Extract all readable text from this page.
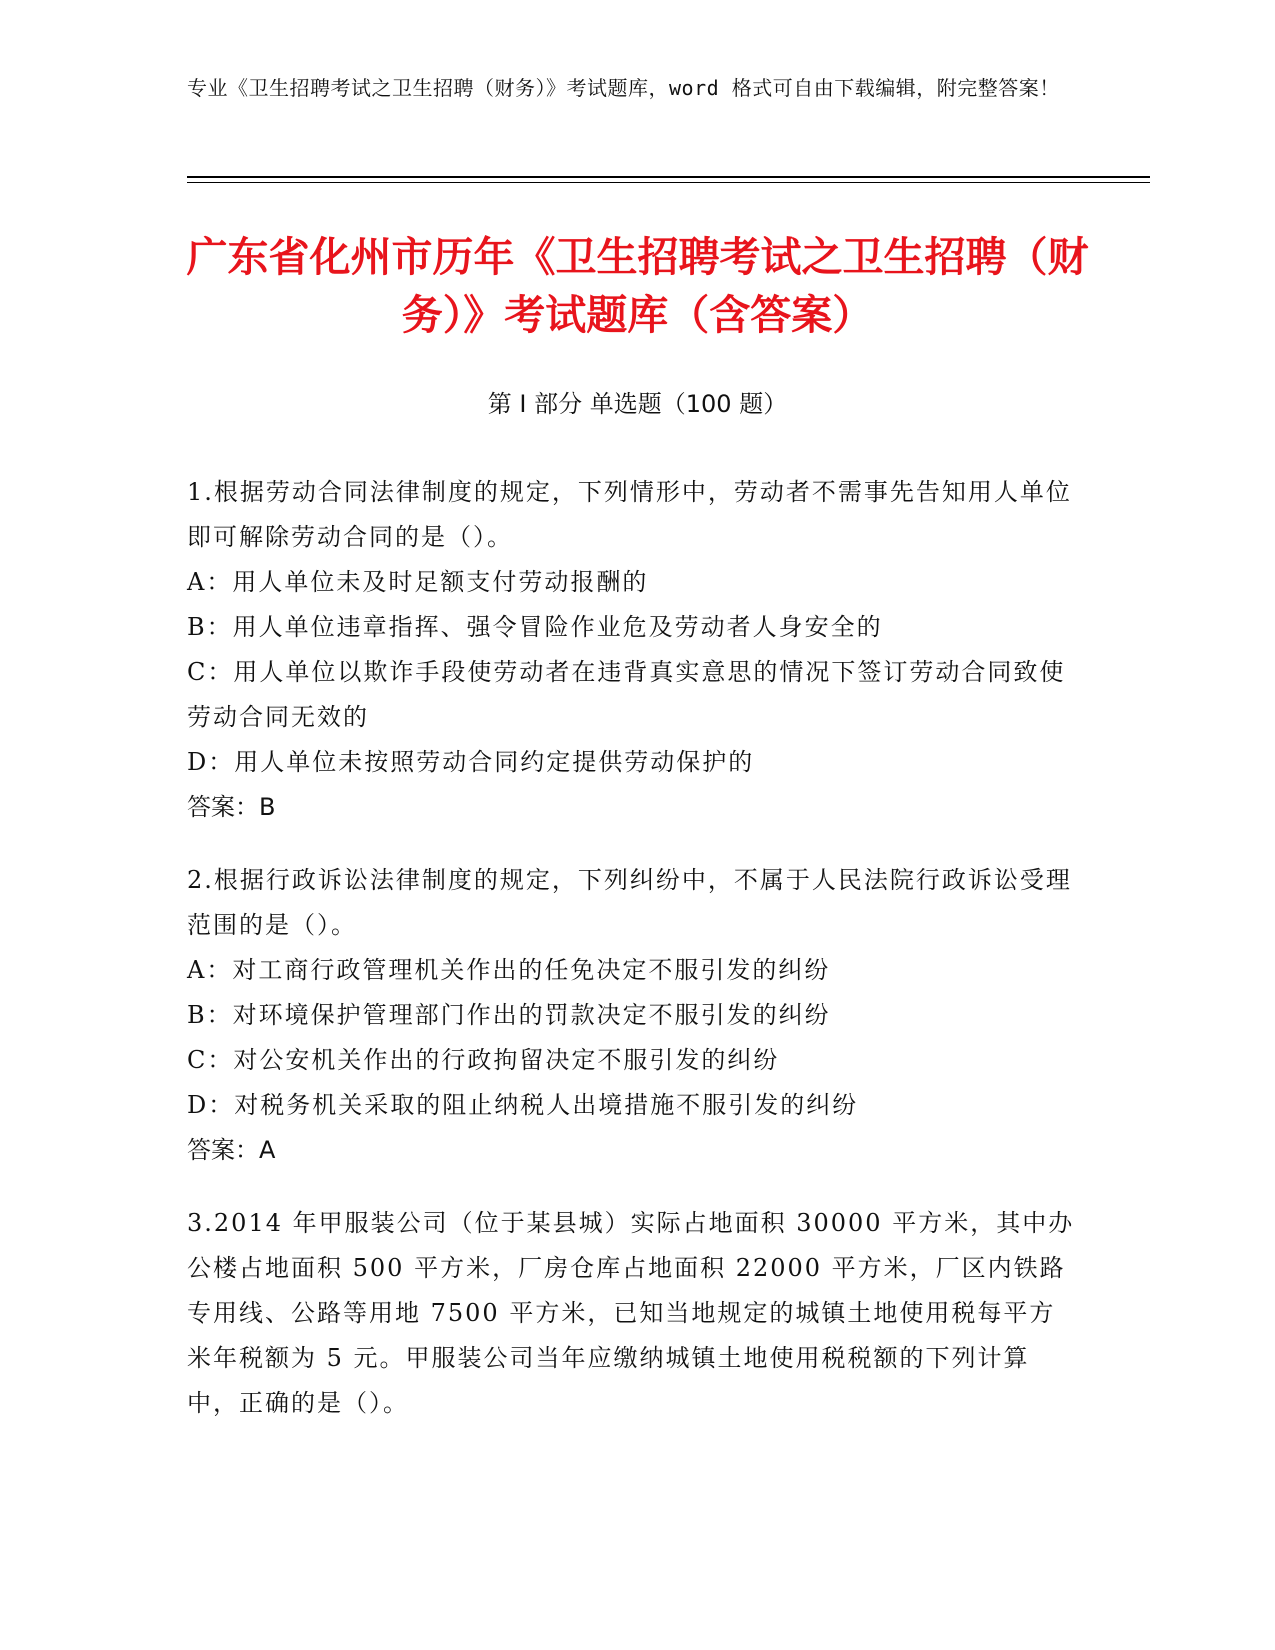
专业《卫生招聘考试之卫生招聘（财务）》考试题库，word 格式可自由下载编辑，附完整答案！
广东省化州市历年《卫生招聘考试之卫生招聘（财务）》考试题库（含答案）
第 I 部分 单选题（100 题）

1.根据劳动合同法律制度的规定，下列情形中，劳动者不需事先告知用人单位即可解除劳动合同的是（）。

A：用人单位未及时足额支付劳动报酬的

B：用人单位违章指挥、强令冒险作业危及劳动者人身安全的

C：用人单位以欺诈手段使劳动者在违背真实意思的情况下签订劳动合同致使劳动合同无效的

D：用人单位未按照劳动合同约定提供劳动保护的

答案：B

2.根据行政诉讼法律制度的规定，下列纠纷中，不属于人民法院行政诉讼受理范围的是（）。

A：对工商行政管理机关作出的任免决定不服引发的纠纷

B：对环境保护管理部门作出的罚款决定不服引发的纠纷

C：对公安机关作出的行政拘留决定不服引发的纠纷

D：对税务机关采取的阻止纳税人出境措施不服引发的纠纷

答案：A

3.2014 年甲服装公司（位于某县城）实际占地面积 30000 平方米，其中办公楼占地面积 500 平方米，厂房仓库占地面积 22000 平方米，厂区内铁路专用线、公路等用地 7500 平方米，已知当地规定的城镇土地使用税每平方米年税额为 5 元。甲服装公司当年应缴纳城镇土地使用税税额的下列计算中，正确的是（）。
